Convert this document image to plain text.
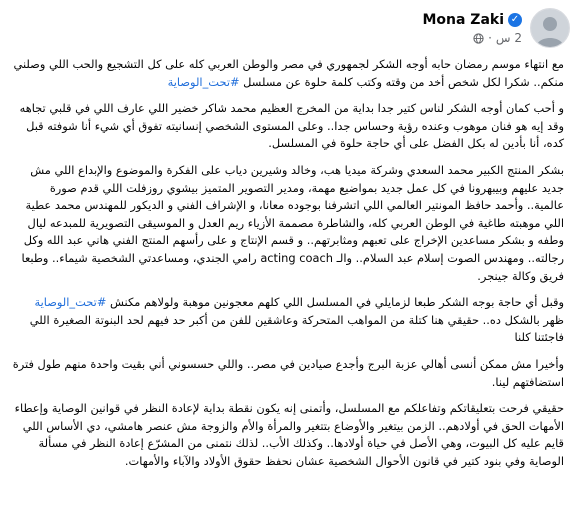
Mona Zaki ✓
2 س
·

مع انتهاء موسم رمضان حابه أوجه الشكر لجمهوري في مصر والوطن العربي كله على كل التشجيع والحب اللي وصلني منكم.. شكرا لكل شخص أخد من وقته وكتب كلمة حلوة عن مسلسل #تحت_الوصاية

و أحب كمان أوجه الشكر لناس كتير جدا بداية من المخرج العظيم محمد شاكر خضير اللي عارف اللي في قلبي تجاهه وقد إيه هو فنان موهوب وعنده رؤية وحساس جدا.. وعلى المستوى الشخصي إنسانيته تفوق أي شيء أنا شوفته قبل كده، أنا بأدين له بكل الفضل على أي حاجة حلوة في المسلسل.

بشكر المنتج الكبير محمد السعدي وشركة ميديا هب، وخالد وشيرين دياب على الفكرة والموضوع والإبداع اللي مش جديد عليهم وبيبهرونا في كل عمل جديد بمواضيع مهمة، ومدير التصوير المتميز بيشوي روزفلت اللي قدم صورة عالمية.. وأحمد حافظ المونتير العالمي اللي اتشرفنا بوجوده معانا، و الإشراف الفني و الديكور للمهندس محمد عطية اللي موهبته طاغية في الوطن العربي كله، والشاطرة مصممة الأزياء ريم العدل و الموسيقى التصويرية للمبدعه ليال وطفه و بشكر مساعدين الإخراج على تعبهم ومثابرتهم.. و قسم الإنتاج و على رأسهم المنتج الفني هاني عبد الله وكل رجالته.. ومهندس الصوت إسلام عبد السلام.. والـ acting coach رامي الجندي، ومساعدتي الشخصية شيماء.. وطبعا فريق وكالة جينجر.

وقبل أي حاجة بوجه الشكر طبعا لزمايلي في المسلسل اللي كلهم معجونين موهبة ولولاهم مكنش #تحت_الوصاية ظهر بالشكل ده.. حقيقي هنا كتلة من المواهب المتحركة وعاشقين للفن من أكبر حد فيهم لحد البنوتة الصغيرة اللي فاجئتنا كلنا

وأخيرا مش ممكن أنسى أهالي عزبة البرج وأجدع صيادين في مصر.. واللي حسسوني أني بقيت واحدة منهم طول فترة استضافتهم لينا.

حقيقي فرحت بتعليقاتكم وتفاعلكم مع المسلسل، وأتمنى إنه يكون نقطة بداية لإعادة النظر في قوانين الوصاية وإعطاء الأمهات الحق في أولادهم.. الزمن بيتغير والأوضاع بتتغير والمرأة والأم والزوجة مش عنصر هامشي، دي الأساس اللي قايم عليه كل البيوت، وهي الأصل في حياة أولادها.. وكذلك الأب.. لذلك نتمنى من المشرّع إعادة النظر في مسألة الوصاية وفي بنود كتير في قانون الأحوال الشخصية عشان نحفظ حقوق الأولاد والآباء والأمهات.
